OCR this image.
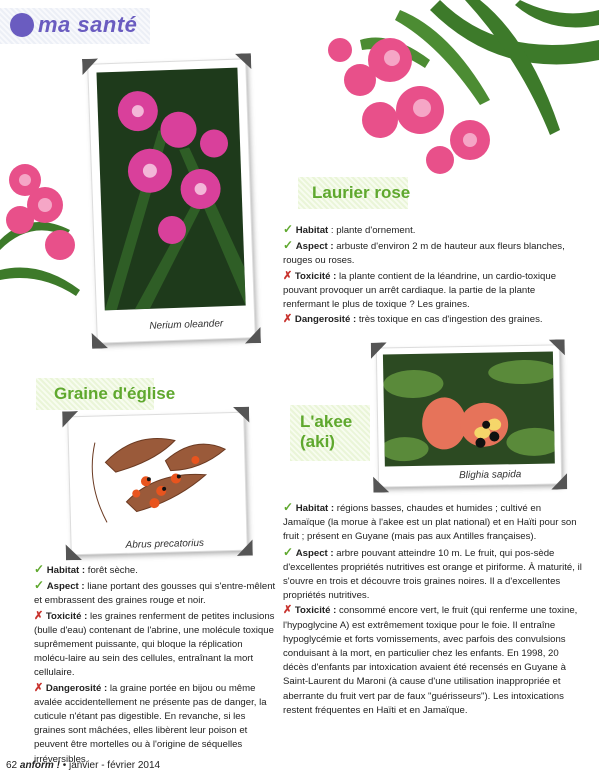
ma santé
Nerium oleander
Laurier rose

✓ Habitat : plante d'ornement.

✓ Aspect : arbuste d'environ 2 m de hauteur aux fleurs blanches, rouges ou roses.

✗ Toxicité : la plante contient de la léandrine, un cardio-toxique pouvant provoquer un arrêt cardiaque. la partie de la plante renfermant le plus de toxique ? Les graines.

✗ Dangerosité : très toxique en cas d'ingestion des graines.

Graine d'église
Abrus precatorius

✓ Habitat : forêt sèche.

✓ Aspect : liane portant des gousses qui s'entre-mêlent et embrassent des graines rouge et noir.

✗ Toxicité : les graines renferment de petites inclusions (bulle d'eau) contenant de l'abrine, une molécule toxique suprêmement puissante, qui bloque la réplication molécu-laire au sein des cellules, entraînant la mort cellulaire.

✗ Dangerosité : la graine portée en bijou ou même avalée accidentellement ne présente pas de danger, la cuticule n'étant pas digestible. En revanche, si les graines sont mâchées, elles libèrent leur poison et peuvent être mortelles ou à l'origine de séquelles irréversibles.

L'akee
(aki)
Blighia sapida

✓ Habitat : régions basses, chaudes et humides ; cultivé en Jamaïque (la morue à l'akee est un plat national) et en Haïti pour son fruit ; présent en Guyane (mais pas aux Antilles françaises).

✓ Aspect : arbre pouvant atteindre 10 m. Le fruit, qui pos-sède d'excellentes propriétés nutritives est orange et piriforme. À maturité, il s'ouvre en trois et découvre trois graines noires. Il a d'excellentes propriétés nutritives.

✗ Toxicité : consommé encore vert, le fruit (qui renferme une toxine, l'hypoglycine A) est extrêmement toxique pour le foie. Il entraîne hypoglycémie et forts vomissements, avec parfois des convulsions conduisant à la mort, en particulier chez les enfants. En 1998, 20 décès d'enfants par intoxication avaient été recensés en Guyane à Saint-Laurent du Maroni (à cause d'une utilisation inappropriée et aberrante du fruit vert par de faux "guérisseurs"). Les intoxications restent fréquentes en Haïti et en Jamaïque.

62 anform ! • janvier - février 2014
